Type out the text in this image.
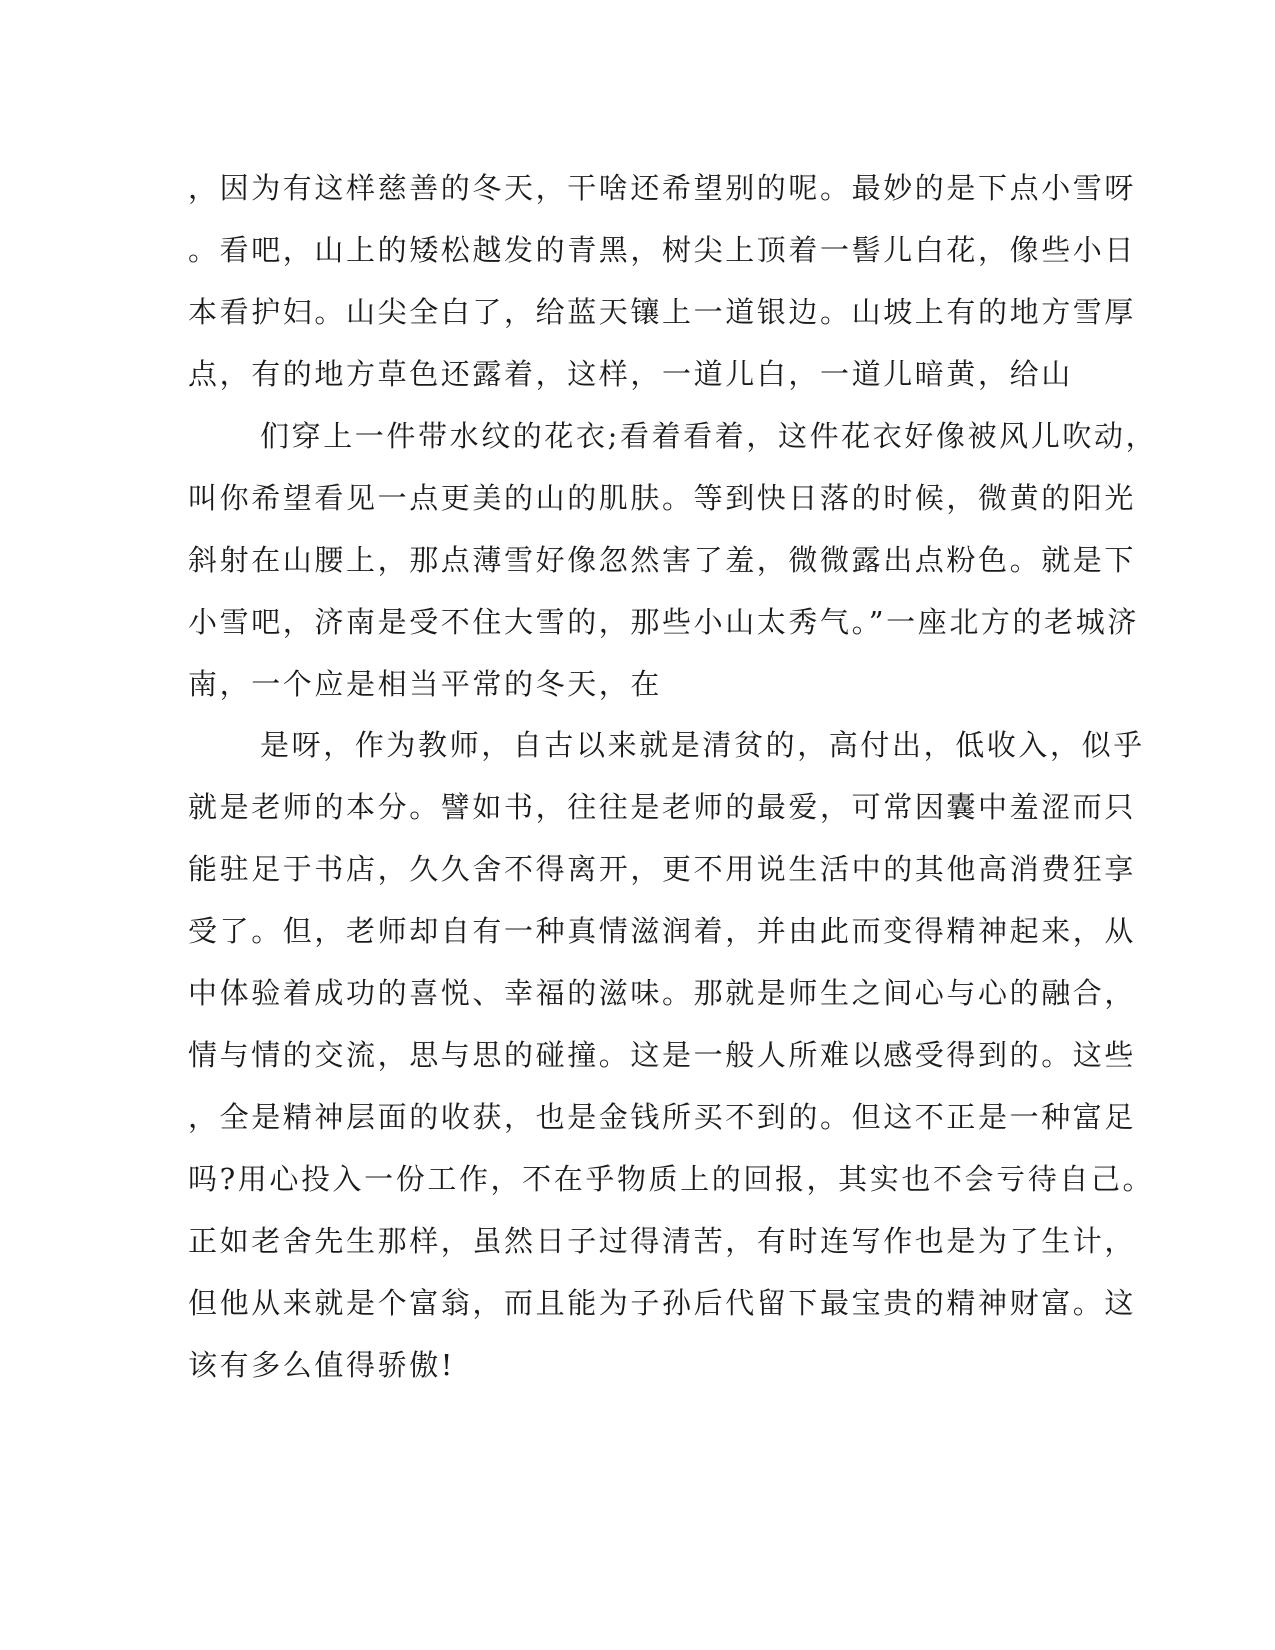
，因为有这样慈善的冬天，干啥还希望别的呢。最妙的是下点小雪呀
。看吧，山上的矮松越发的青黑，树尖上顶着一髻儿白花，像些小日
本看护妇。山尖全白了，给蓝天镶上一道银边。山坡上有的地方雪厚
点，有的地方草色还露着，这样，一道儿白，一道儿暗黄，给山

们穿上一件带水纹的花衣;看着看着，这件花衣好像被风儿吹动，
叫你希望看见一点更美的山的肌肤。等到快日落的时候，微黄的阳光
斜射在山腰上，那点薄雪好像忽然害了羞，微微露出点粉色。就是下
小雪吧，济南是受不住大雪的，那些小山太秀气。”一座北方的老城济
南，一个应是相当平常的冬天，在

是呀，作为教师，自古以来就是清贫的，高付出，低收入，似乎
就是老师的本分。譬如书，往往是老师的最爱，可常因囊中羞涩而只
能驻足于书店，久久舍不得离开，更不用说生活中的其他高消费狂享
受了。但，老师却自有一种真情滋润着，并由此而变得精神起来，从
中体验着成功的喜悦、幸福的滋味。那就是师生之间心与心的融合，
情与情的交流，思与思的碰撞。这是一般人所难以感受得到的。这些
，全是精神层面的收获，也是金钱所买不到的。但这不正是一种富足
吗?用心投入一份工作，不在乎物质上的回报，其实也不会亏待自己。
正如老舍先生那样，虽然日子过得清苦，有时连写作也是为了生计，
但他从来就是个富翁，而且能为子孙后代留下最宝贵的精神财富。这
该有多么值得骄傲!
